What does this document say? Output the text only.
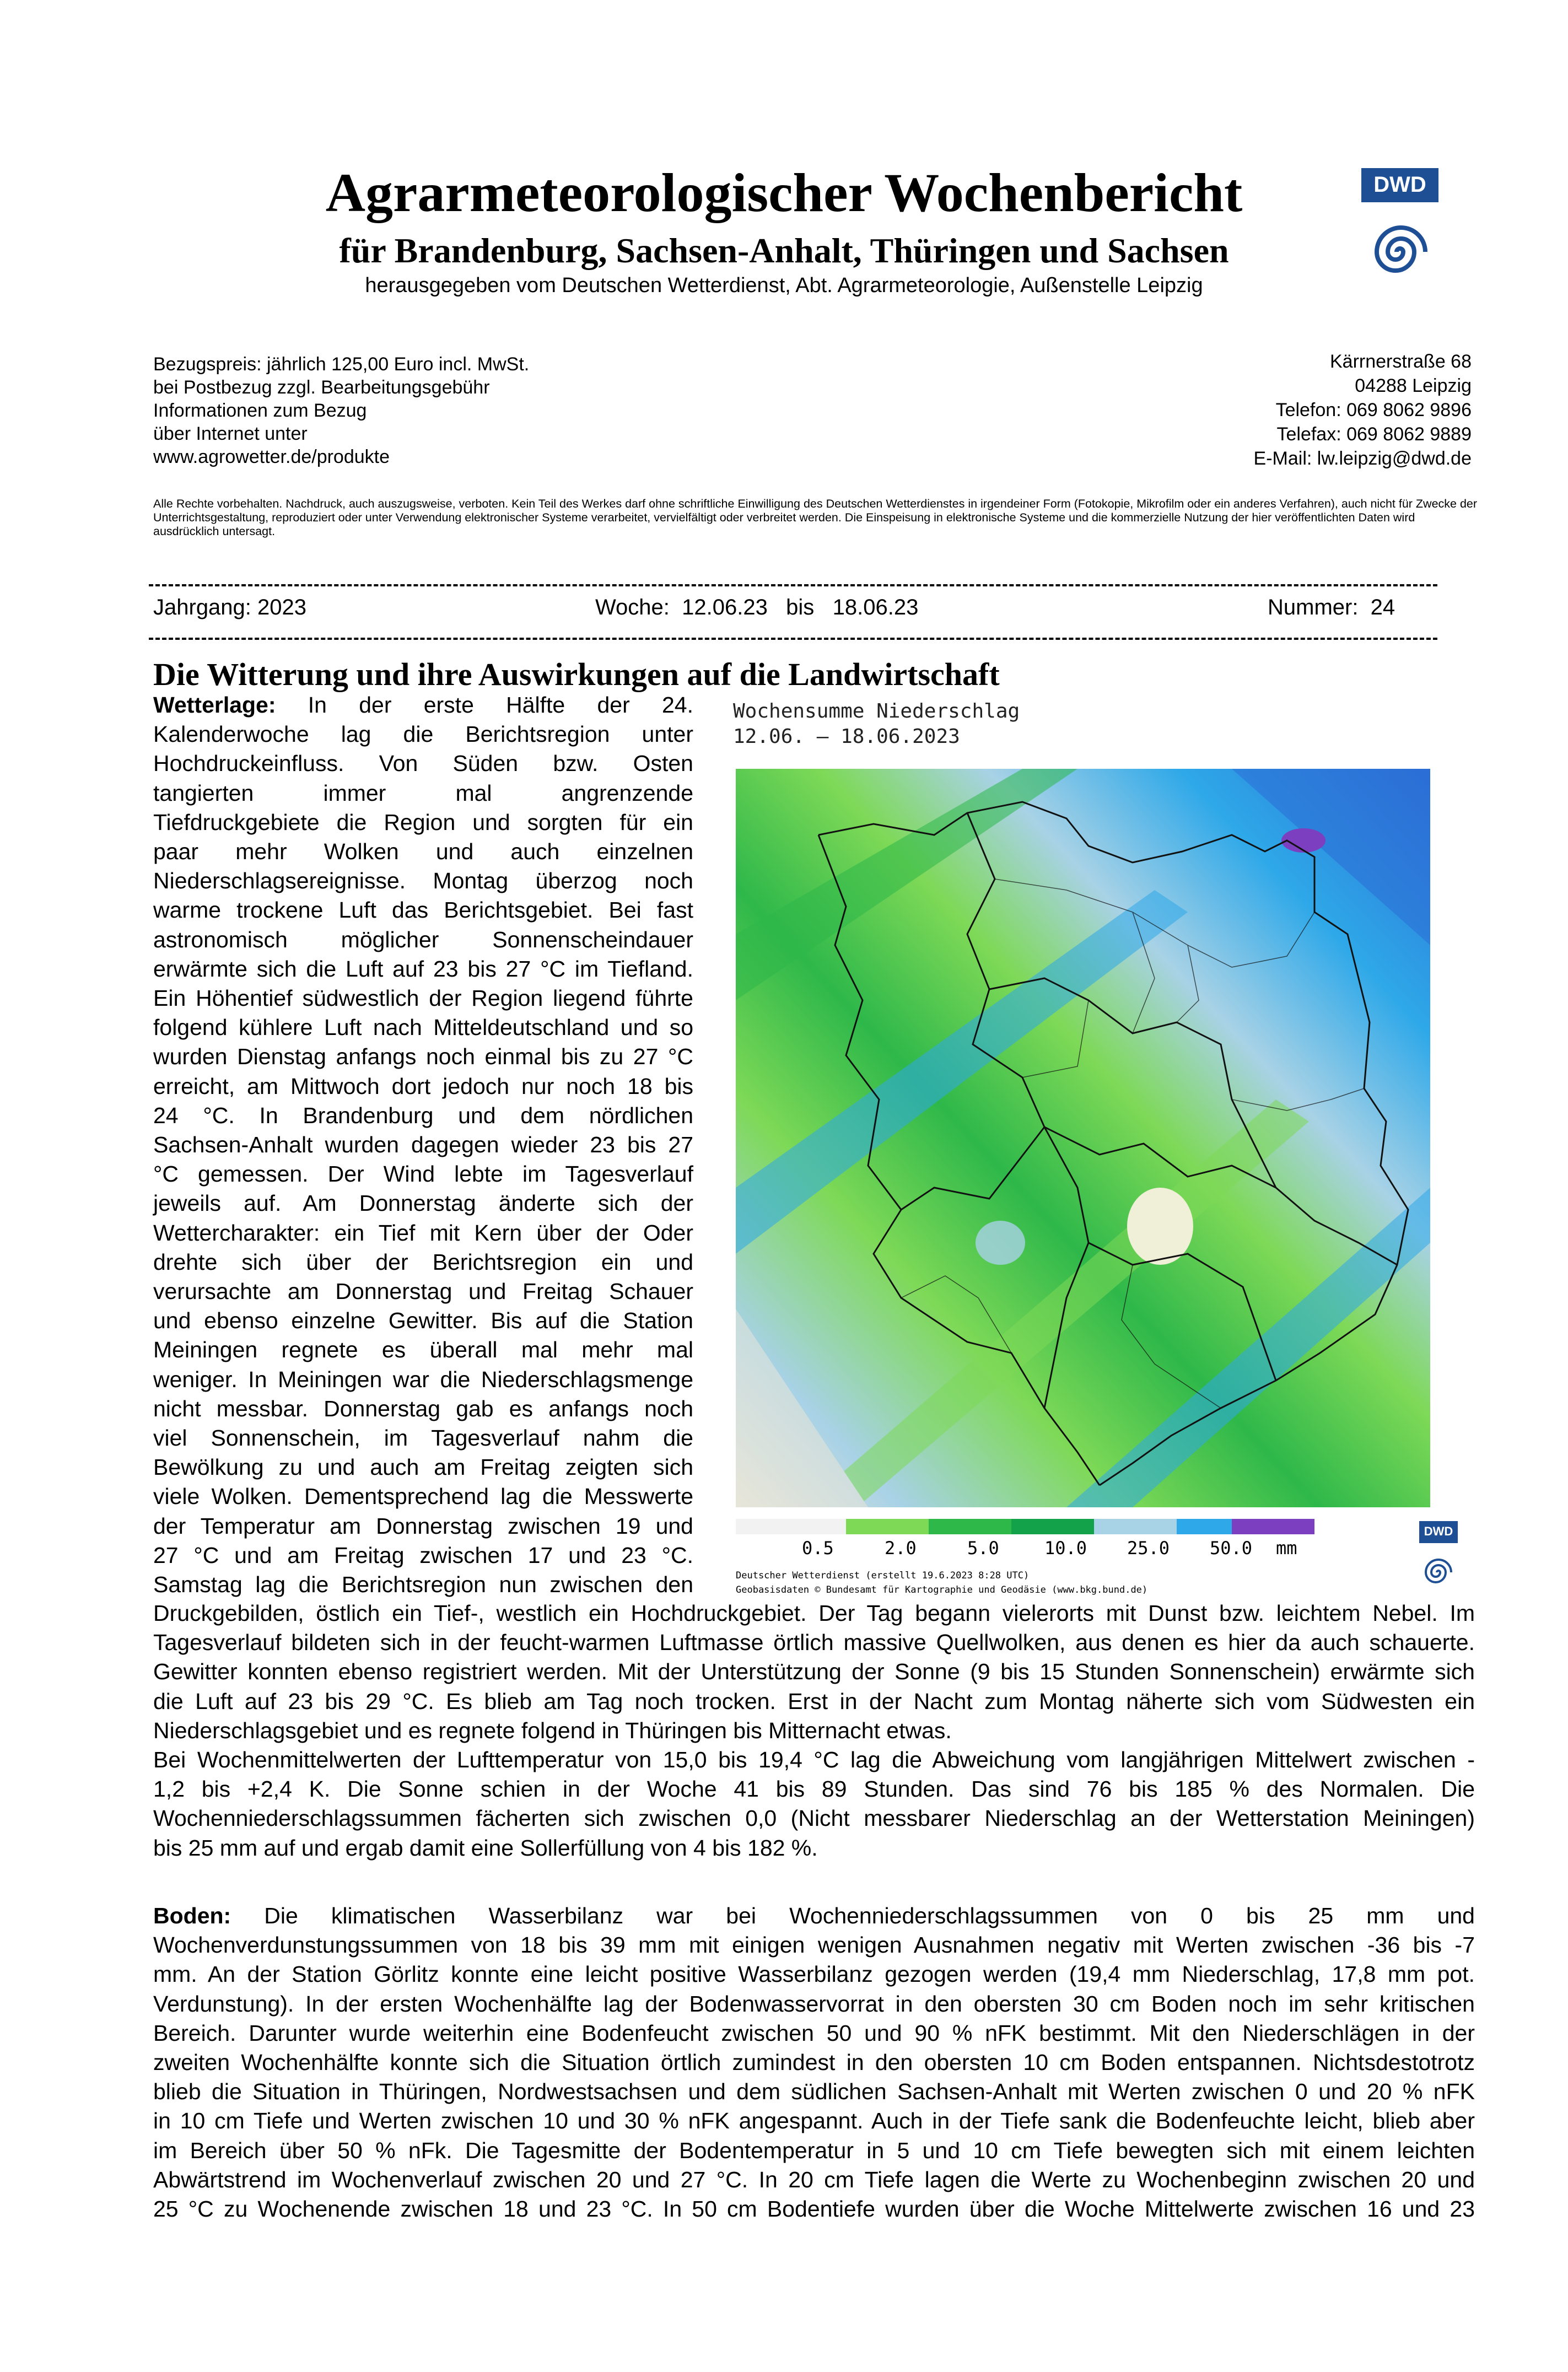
Agrarmeteorologischer Wochenbericht
für Brandenburg, Sachsen-Anhalt, Thüringen und Sachsen
herausgegeben vom Deutschen Wetterdienst, Abt. Agrarmeteorologie, Außenstelle Leipzig
DWD
Bezugspreis: jährlich 125,00 Euro incl. MwSt.
bei Postbezug zzgl. Bearbeitungsgebühr
Informationen zum Bezug
über Internet unter
www.agrowetter.de/produkte
Kärrnerstraße 68
04288 Leipzig
Telefon: 069 8062 9896
Telefax: 069 8062 9889
E-Mail: lw.leipzig@dwd.de
Alle Rechte vorbehalten. Nachdruck, auch auszugsweise, verboten. Kein Teil des Werkes darf ohne schriftliche Einwilligung des Deutschen Wetterdienstes in irgendeiner Form (Fotokopie, Mikrofilm oder ein anderes Verfahren), auch nicht für Zwecke der Unterrichtsgestaltung, reproduziert oder unter Verwendung elektronischer Systeme verarbeitet, vervielfältigt oder verbreitet werden. Die Einspeisung in elektronische Systeme und die kommerzielle Nutzung der hier veröffentlichten Daten wird ausdrücklich untersagt.
Jahrgang: 2023	Woche:  12.06.23   bis   18.06.23	Nummer:  24
Die Witterung und ihre Auswirkungen auf die Landwirtschaft
Wetterlage: In der erste Hälfte der 24.
Kalenderwoche lag die Berichtsregion unter
Hochdruckeinfluss. Von Süden bzw. Osten
tangierten immer mal angrenzende
Tiefdruckgebiete die Region und sorgten für ein
paar mehr Wolken und auch einzelnen
Niederschlagsereignisse. Montag überzog noch
warme trockene Luft das Berichtsgebiet. Bei fast
astronomisch möglicher Sonnenscheindauer
erwärmte sich die Luft auf 23 bis 27 °C im Tiefland.
Ein Höhentief südwestlich der Region liegend führte
folgend kühlere Luft nach Mitteldeutschland und so
wurden Dienstag anfangs noch einmal bis zu 27 °C
erreicht, am Mittwoch dort jedoch nur noch 18 bis
24 °C. In Brandenburg und dem nördlichen
Sachsen-Anhalt wurden dagegen wieder 23 bis 27
°C gemessen. Der Wind lebte im Tagesverlauf
jeweils auf. Am Donnerstag änderte sich der
Wettercharakter: ein Tief mit Kern über der Oder
drehte sich über der Berichtsregion ein und
verursachte am Donnerstag und Freitag Schauer
und ebenso einzelne Gewitter. Bis auf die Station
Meiningen regnete es überall mal mehr mal
weniger. In Meiningen war die Niederschlagsmenge
nicht messbar. Donnerstag gab es anfangs noch
viel Sonnenschein, im Tagesverlauf nahm die
Bewölkung zu und auch am Freitag zeigten sich
viele Wolken. Dementsprechend lag die Messwerte
der Temperatur am Donnerstag zwischen 19 und
27 °C und am Freitag zwischen 17 und 23 °C.
Samstag lag die Berichtsregion nun zwischen den
Wochensumme Niederschlag
12.06. – 18.06.2023
0.5	2.0	5.0	10.0 25.0 50.0 mm
DWD
Deutscher Wetterdienst (erstellt 19.6.2023 8:28 UTC)
Geobasisdaten © Bundesamt für Kartographie und Geodäsie (www.bkg.bund.de)
Druckgebilden, östlich ein Tief-, westlich ein Hochdruckgebiet. Der Tag begann vielerorts mit Dunst bzw. leichtem Nebel. Im
Tagesverlauf bildeten sich in der feucht-warmen Luftmasse örtlich massive Quellwolken, aus denen es hier da auch schauerte.
Gewitter konnten ebenso registriert werden. Mit der Unterstützung der Sonne (9 bis 15 Stunden Sonnenschein) erwärmte sich
die Luft auf 23 bis 29 °C. Es blieb am Tag noch trocken. Erst in der Nacht zum Montag näherte sich vom Südwesten ein
Niederschlagsgebiet und es regnete folgend in Thüringen bis Mitternacht etwas.
Bei Wochenmittelwerten der Lufttemperatur von 15,0 bis 19,4 °C lag die Abweichung vom langjährigen Mittelwert zwischen -
1,2 bis +2,4 K. Die Sonne schien in der Woche 41 bis 89 Stunden. Das sind 76 bis 185 % des Normalen. Die
Wochenniederschlagssummen fächerten sich zwischen 0,0 (Nicht messbarer Niederschlag an der Wetterstation Meiningen)
bis 25 mm auf und ergab damit eine Sollerfüllung von 4 bis 182 %.
Boden: Die klimatischen Wasserbilanz war bei Wochenniederschlagssummen von 0 bis 25 mm und
Wochenverdunstungssummen von 18 bis 39 mm mit einigen wenigen Ausnahmen negativ mit Werten zwischen -36 bis -7
mm. An der Station Görlitz konnte eine leicht positive Wasserbilanz gezogen werden (19,4 mm Niederschlag, 17,8 mm pot.
Verdunstung). In der ersten Wochenhälfte lag der Bodenwasservorrat in den obersten 30 cm Boden noch im sehr kritischen
Bereich. Darunter wurde weiterhin eine Bodenfeucht zwischen 50 und 90 % nFK bestimmt. Mit den Niederschlägen in der
zweiten Wochenhälfte konnte sich die Situation örtlich zumindest in den obersten 10 cm Boden entspannen. Nichtsdestotrotz
blieb die Situation in Thüringen, Nordwestsachsen und dem südlichen Sachsen-Anhalt mit Werten zwischen 0 und 20 % nFK
in 10 cm Tiefe und Werten zwischen 10 und 30 % nFK angespannt. Auch in der Tiefe sank die Bodenfeuchte leicht, blieb aber
im Bereich über 50 % nFk. Die Tagesmitte der Bodentemperatur in 5 und 10 cm Tiefe bewegten sich mit einem leichten
Abwärtstrend im Wochenverlauf zwischen 20 und 27 °C. In 20 cm Tiefe lagen die Werte zu Wochenbeginn zwischen 20 und
25 °C zu Wochenende zwischen 18 und 23 °C. In 50 cm Bodentiefe wurden über die Woche Mittelwerte zwischen 16 und 23
